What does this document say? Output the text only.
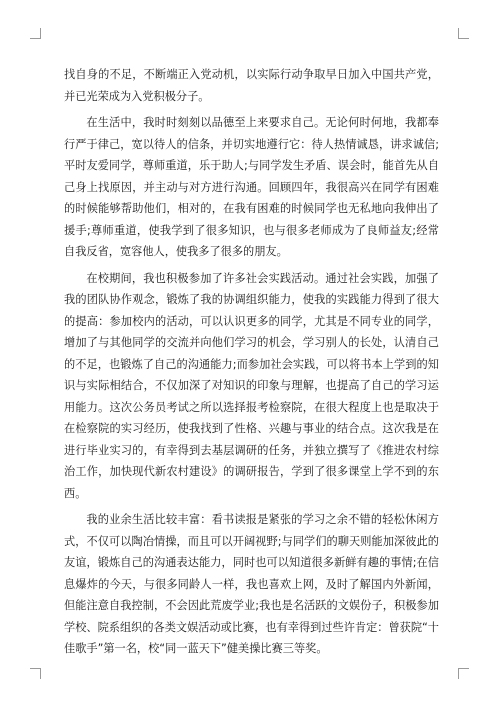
找自身的不足，不断端正入党动机，以实际行动争取早日加入中国共产党，并已光荣成为入党积极分子。

在生活中，我时时刻刻以品德至上来要求自己。无论何时何地，我都奉行严于律己，宽以待人的信条，并切实地遵行它：待人热情诚恳，讲求诚信;平时友爱同学，尊师重道，乐于助人;与同学发生矛盾、误会时，能首先从自己身上找原因，并主动与对方进行沟通。回顾四年，我很高兴在同学有困难的时候能够帮助他们，相对的，在我有困难的时候同学也无私地向我伸出了援手;尊师重道，使我学到了很多知识，也与很多老师成为了良师益友;经常自我反省，宽容他人，使我多了很多的朋友。

在校期间，我也积极参加了许多社会实践活动。通过社会实践，加强了我的团队协作观念，锻炼了我的协调组织能力，使我的实践能力得到了很大的提高：参加校内的活动，可以认识更多的同学，尤其是不同专业的同学，增加了与其他同学的交流并向他们学习的机会，学习别人的长处，认清自己的不足，也锻炼了自己的沟通能力;而参加社会实践，可以将书本上学到的知识与实际相结合，不仅加深了对知识的印象与理解，也提高了自己的学习运用能力。这次公务员考试之所以选择报考检察院，在很大程度上也是取决于在检察院的实习经历，使我找到了性格、兴趣与事业的结合点。这次我是在进行毕业实习的，有幸得到去基层调研的任务，并独立撰写了《推进农村综治工作，加快现代新农村建设》的调研报告，学到了很多课堂上学不到的东西。

我的业余生活比较丰富：看书读报是紧张的学习之余不错的轻松休闲方式，不仅可以陶冶情操，而且可以开阔视野;与同学们的聊天则能加深彼此的友谊，锻炼自己的沟通表达能力，同时也可以知道很多新鲜有趣的事情;在信息爆炸的今天，与很多同龄人一样，我也喜欢上网，及时了解国内外新闻，但能注意自我控制，不会因此荒废学业;我也是名活跃的文娱份子，积极参加学校、院系组织的各类文娱活动或比赛，也有幸得到过些许肯定：曾获院“十佳歌手”第一名，校“同一蓝天下”健美操比赛三等奖。
